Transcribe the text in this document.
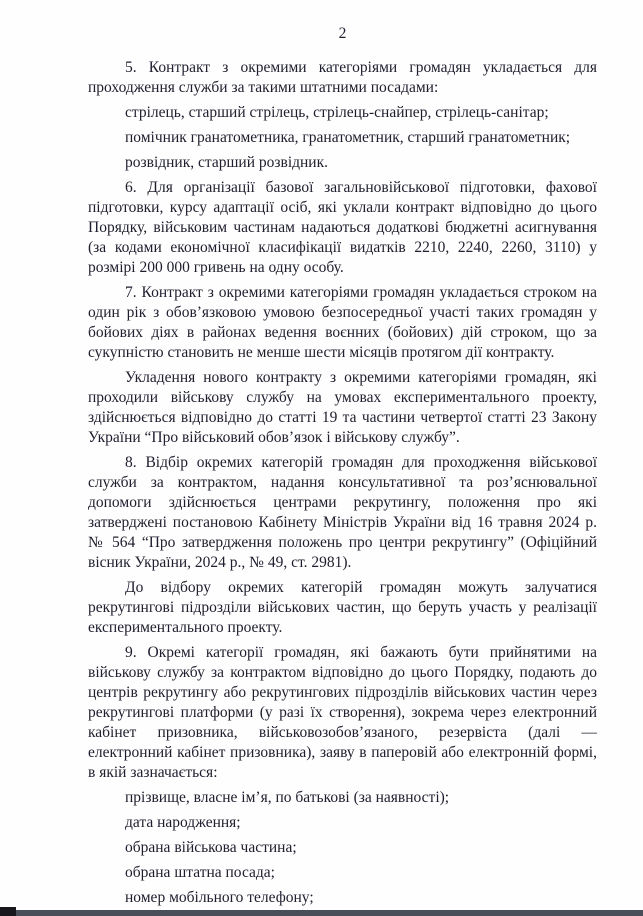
2

5. Контракт з окремими категоріями громадян укладається для проходження служби за такими штатними посадами:

стрілець, старший стрілець, стрілець-снайпер, стрілець-санітар;

помічник гранатометника, гранатометник, старший гранатометник;

розвідник, старший розвідник.

6. Для організації базової загальновійськової підготовки, фахової підготовки, курсу адаптації осіб, які уклали контракт відповідно до цього Порядку, військовим частинам надаються додаткові бюджетні асигнування (за кодами економічної класифікації видатків 2210, 2240, 2260, 3110) у розмірі 200 000 гривень на одну особу.

7. Контракт з окремими категоріями громадян укладається строком на один рік з обов’язковою умовою безпосередньої участі таких громадян у бойових діях в районах ведення воєнних (бойових) дій строком, що за сукупністю становить не менше шести місяців протягом дії контракту.

Укладення нового контракту з окремими категоріями громадян, які проходили військову службу на умовах експериментального проекту, здійснюється відповідно до статті 19 та частини четвертої статті 23 Закону України “Про військовий обов’язок і військову службу”.

8. Відбір окремих категорій громадян для проходження військової служби за контрактом, надання консультативної та роз’яснювальної допомоги здійснюється центрами рекрутингу, положення про які затверджені постановою Кабінету Міністрів України від 16 травня 2024 р. № 564 “Про затвердження положень про центри рекрутингу” (Офіційний вісник України, 2024 р., № 49, ст. 2981).

До відбору окремих категорій громадян можуть залучатися рекрутингові підрозділи військових частин, що беруть участь у реалізації експериментального проекту.

9. Окремі категорії громадян, які бажають бути прийнятими на військову службу за контрактом відповідно до цього Порядку, подають до центрів рекрутингу або рекрутингових підрозділів військових частин через рекрутингові платформи (у разі їх створення), зокрема через електронний кабінет призовника, військовозобов’язаного, резервіста (далі — електронний кабінет призовника), заяву в паперовій або електронній формі, в якій зазначається:

прізвище, власне ім’я, по батькові (за наявності);

дата народження;

обрана військова частина;

обрана штатна посада;

номер мобільного телефону;
